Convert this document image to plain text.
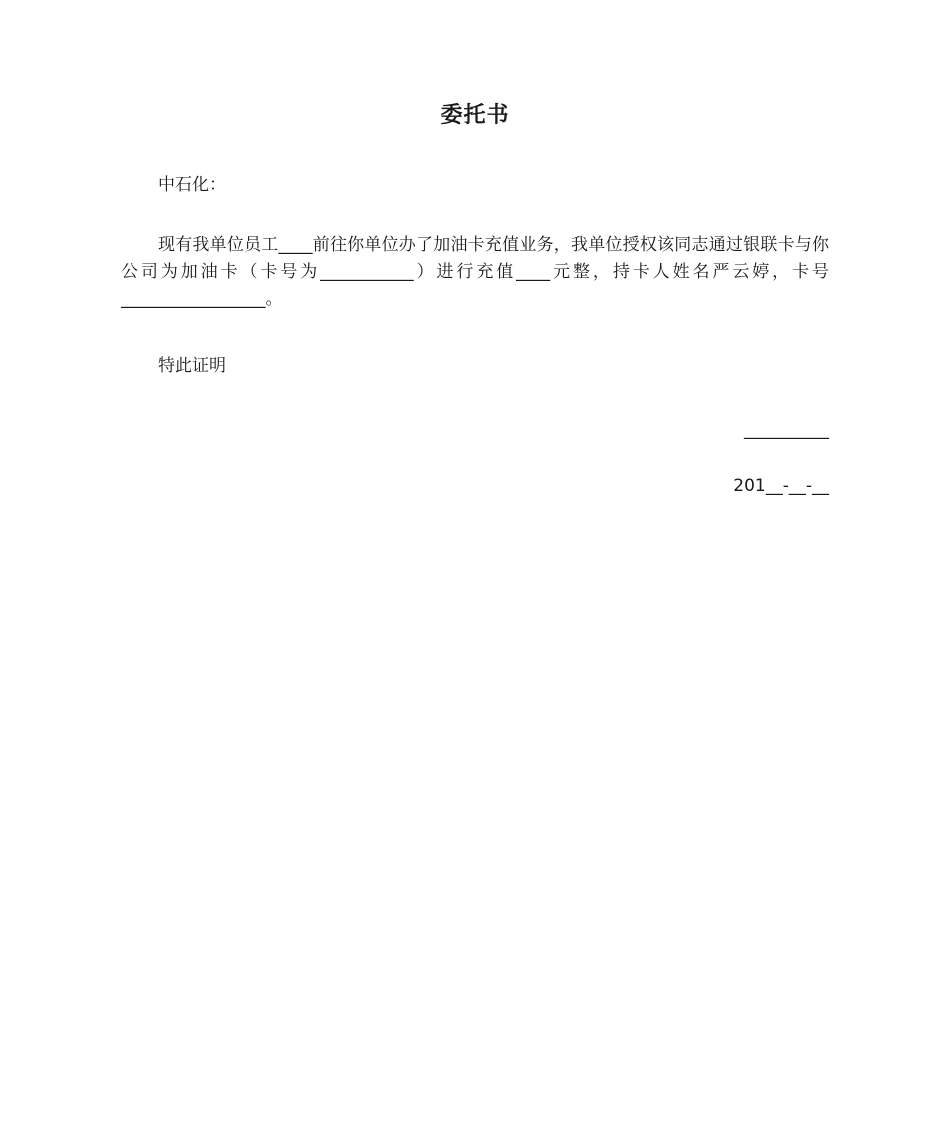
委托书
中石化：
现有我单位员工____前往你单位办了加油卡充值业务，我单位授权该同志通过银联卡与你公司为加油卡（卡号为___________）进行充值____元整，持卡人姓名严云婷，卡号_________________。
特此证明
__________
201__-__-__
